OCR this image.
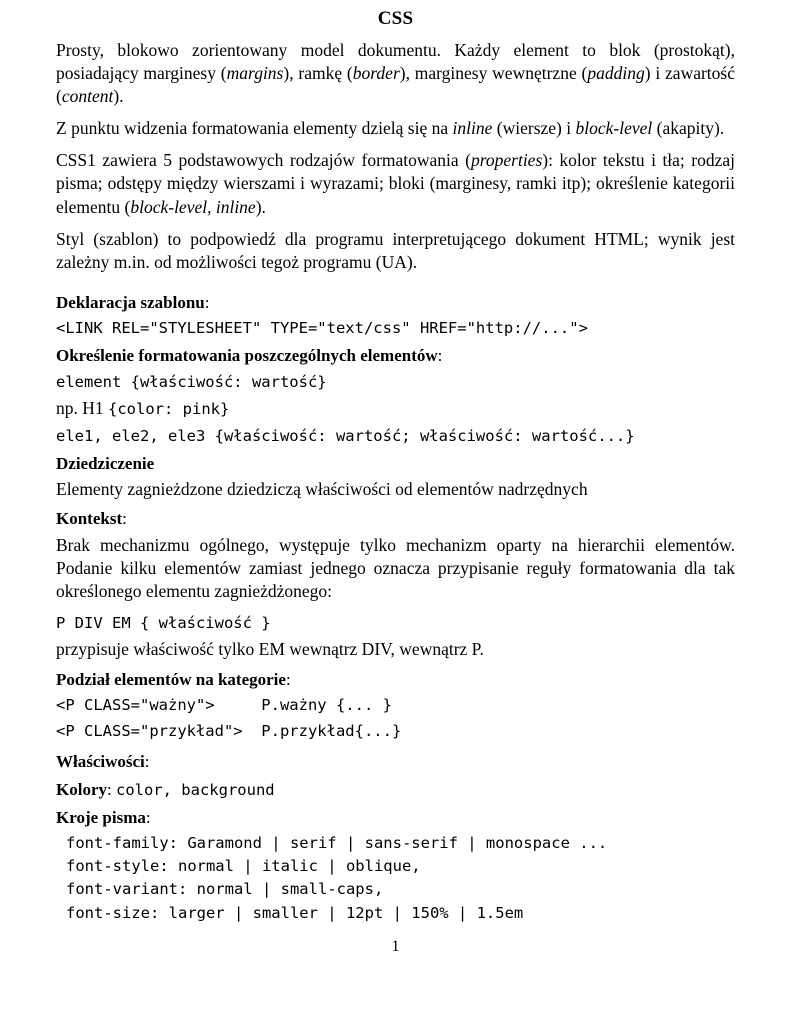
CSS

Prosty, blokowo zorientowany model dokumentu. Każdy element to blok (prostokąt), posiadający marginesy (margins), ramkę (border), marginesy wewnętrzne (padding) i zawartość (content).

Z punktu widzenia formatowania elementy dzielą się na inline (wiersze) i block-level (akapity).

CSS1 zawiera 5 podstawowych rodzajów formatowania (properties): kolor tekstu i tła; rodzaj pisma; odstępy między wierszami i wyrazami; bloki (marginesy, ramki itp); określenie kategorii elementu (block-level, inline).

Styl (szablon) to podpowiedź dla programu interpretującego dokument HTML; wynik jest zależny m.in. od możliwości tegoż programu (UA).

Deklaracja szablonu:
<LINK REL="STYLESHEET" TYPE="text/css" HREF="http://...">
Określenie formatowania poszczególnych elementów:
element {właściwość: wartość}
np. H1 {color: pink}
ele1, ele2, ele3 {właściwość: wartość; właściwość: wartość...}
Dziedziczenie
Elementy zagnieżdzone dziedziczą właściwości od elementów nadrzędnych
Kontekst:

Brak mechanizmu ogólnego, występuje tylko mechanizm oparty na hierarchii elementów. Podanie kilku elementów zamiast jednego oznacza przypisanie reguły formatowania dla tak określonego elementu zagnieżdżonego:

P DIV EM { właściwość }
przypisuje właściwość tylko EM wewnątrz DIV, wewnątrz P.
Podział elementów na kategorie:
<P CLASS="ważny">     P.ważny {... }
<P CLASS="przykład">  P.przykład{...}
Właściwości:
Kolory: color, background
Kroje pisma:
font-family: Garamond | serif | sans-serif | monospace ...
font-style: normal | italic | oblique,
font-variant: normal | small-caps,
font-size: larger | smaller | 12pt | 150% | 1.5em
1
